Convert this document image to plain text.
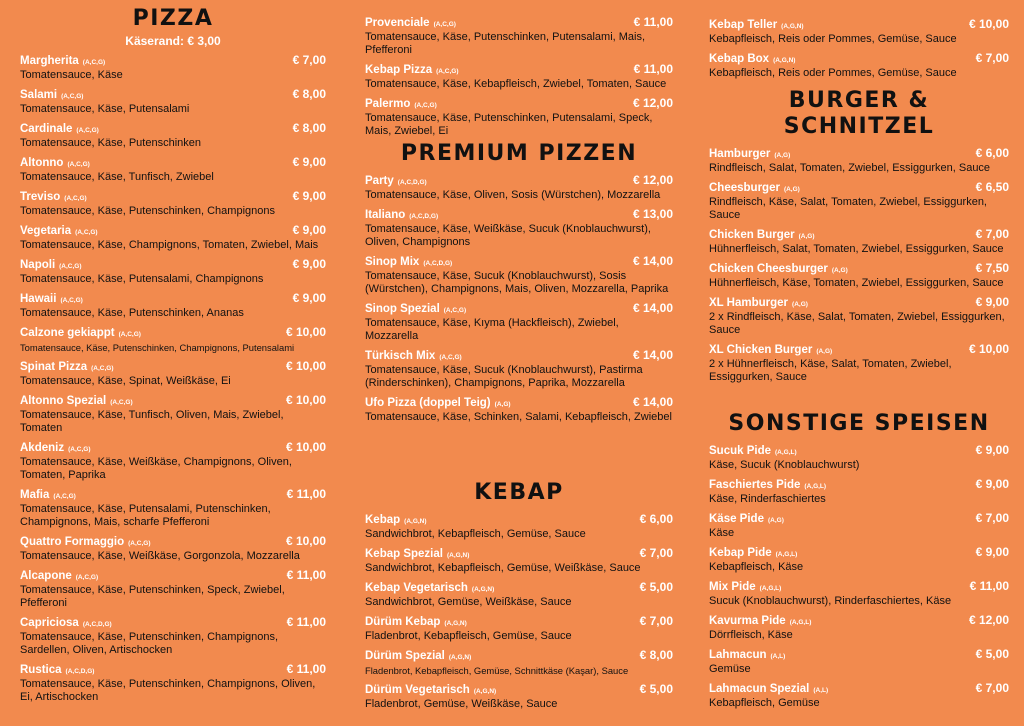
PIZZA
Käserand: € 3,00
Margherita (A,C,G)	€ 7,00
Tomatensauce, Käse
Salami (A,C,G)	€ 8,00
Tomatensauce, Käse, Putensalami
Cardinale (A,C,G)	€ 8,00
Tomatensauce, Käse, Putenschinken
Altonno (A,C,G)	€ 9,00
Tomatensauce, Käse, Tunfisch, Zwiebel
Treviso (A,C,G)	€ 9,00
Tomatensauce, Käse, Putenschinken, Champignons
Vegetaria (A,C,G)	€ 9,00
Tomatensauce, Käse, Champignons, Tomaten, Zwiebel, Mais
Napoli (A,C,G)	€ 9,00
Tomatensauce, Käse, Putensalami, Champignons
Hawaii (A,C,G)	€ 9,00
Tomatensauce, Käse, Putenschinken, Ananas
Calzone gekiappt (A,C,G)	€ 10,00
Tomatensauce, Käse, Putenschinken, Champignons, Putensalami
Spinat Pizza (A,C,G)	€ 10,00
Tomatensauce, Käse, Spinat, Weißkäse, Ei
Altonno Spezial (A,C,G)	€ 10,00
Tomatensauce, Käse, Tunfisch, Oliven, Mais, Zwiebel, Tomaten
Akdeniz (A,C,G)	€ 10,00
Tomatensauce, Käse, Weißkäse, Champignons, Oliven, Tomaten, Paprika
Mafia (A,C,G)	€ 11,00
Tomatensauce, Käse, Putensalami, Putenschinken, Champignons, Mais, scharfe Pfefferoni
Quattro Formaggio (A,C,G)	€ 10,00
Tomatensauce, Käse, Weißkäse, Gorgonzola, Mozzarella
Alcapone (A,C,G)	€ 11,00
Tomatensauce, Käse, Putenschinken, Speck, Zwiebel, Pfefferoni
Capriciosa (A,C,D,G)	€ 11,00
Tomatensauce, Käse, Putenschinken, Champignons, Sardellen, Oliven, Artischocken
Rustica (A,C,D,G)	€ 11,00
Tomatensauce, Käse, Putenschinken, Champignons, Oliven, Ei, Artischocken
Provenciale (A,C,G)	€ 11,00
Tomatensauce, Käse, Putenschinken, Putensalami, Mais, Pfefferoni
Kebap Pizza (A,C,G)	€ 11,00
Tomatensauce, Käse, Kebapfleisch, Zwiebel, Tomaten, Sauce
Palermo (A,C,G)	€ 12,00
Tomatensauce, Käse, Putenschinken, Putensalami, Speck, Mais, Zwiebel, Ei
PREMIUM PIZZEN
Party (A,C,D,G)	€ 12,00
Tomatensauce, Käse, Oliven, Sosis (Würstchen), Mozzarella
Italiano (A,C,D,G)	€ 13,00
Tomatensauce, Käse, Weißkäse, Sucuk (Knoblauchwurst), Oliven, Champignons
Sinop Mix (A,C,D,G)	€ 14,00
Tomatensauce, Käse, Sucuk (Knoblauchwurst), Sosis (Würstchen), Champignons, Mais, Oliven, Mozzarella, Paprika
Sinop Spezial (A,C,G)	€ 14,00
Tomatensauce, Käse, Kıyma (Hackfleisch), Zwiebel, Mozzarella
Türkisch Mix (A,C,G)	€ 14,00
Tomatensauce, Käse, Sucuk (Knoblauchwurst), Pastirma (Rinderschinken), Champignons, Paprika, Mozzarella
Ufo Pizza (doppel Teig) (A,G)	€ 14,00
Tomatensauce, Käse, Schinken, Salami, Kebapfleisch, Zwiebel
KEBAP
Kebap (A,G,N)	€ 6,00
Sandwichbrot, Kebapfleisch, Gemüse, Sauce
Kebap Spezial (A,G,N)	€ 7,00
Sandwichbrot, Kebapfleisch, Gemüse, Weißkäse, Sauce
Kebap Vegetarisch (A,G,N)	€ 5,00
Sandwichbrot, Gemüse, Weißkäse, Sauce
Dürüm Kebap (A,G,N)	€ 7,00
Fladenbrot, Kebapfleisch, Gemüse, Sauce
Dürüm Spezial (A,G,N)	€ 8,00
Fladenbrot, Kebapfleisch, Gemüse, Schnittkäse (Kaşar), Sauce
Dürüm Vegetarisch (A,G,N)	€ 5,00
Fladenbrot, Gemüse, Weißkäse, Sauce
Kebap Teller (A,G,N)	€ 10,00
Kebapfleisch, Reis oder Pommes, Gemüse, Sauce
Kebap Box (A,G,N)	€ 7,00
Kebapfleisch, Reis oder Pommes, Gemüse, Sauce
BURGER & SCHNITZEL
Hamburger (A,G)	€ 6,00
Rindfleisch, Salat, Tomaten, Zwiebel, Essiggurken, Sauce
Cheesburger (A,G)	€ 6,50
Rindfleisch, Käse, Salat, Tomaten, Zwiebel, Essiggurken, Sauce
Chicken Burger (A,G)	€ 7,00
Hühnerfleisch, Salat, Tomaten, Zwiebel, Essiggurken, Sauce
Chicken Cheesburger (A,G)	€ 7,50
Hühnerfleisch, Käse, Tomaten, Zwiebel, Essiggurken, Sauce
XL Hamburger (A,G)	€ 9,00
2 x Rindfleisch, Käse, Salat, Tomaten, Zwiebel, Essiggurken, Sauce
XL Chicken Burger (A,G)	€ 10,00
2 x Hühnerfleisch, Käse, Salat, Tomaten, Zwiebel, Essiggurken, Sauce
SONSTIGE SPEISEN
Sucuk Pide (A,G,L)	€ 9,00
Käse, Sucuk (Knoblauchwurst)
Faschiertes Pide (A,G,L)	€ 9,00
Käse, Rinderfaschiertes
Käse Pide (A,G)	€ 7,00
Käse
Kebap Pide (A,G,L)	€ 9,00
Kebapfleisch, Käse
Mix Pide (A,G,L)	€ 11,00
Sucuk (Knoblauchwurst), Rinderfaschiertes, Käse
Kavurma Pide (A,G,L)	€ 12,00
Dörrfleisch, Käse
Lahmacun (A,L)	€ 5,00
Gemüse
Lahmacun Spezial (A,L)	€ 7,00
Kebapfleisch, Gemüse
